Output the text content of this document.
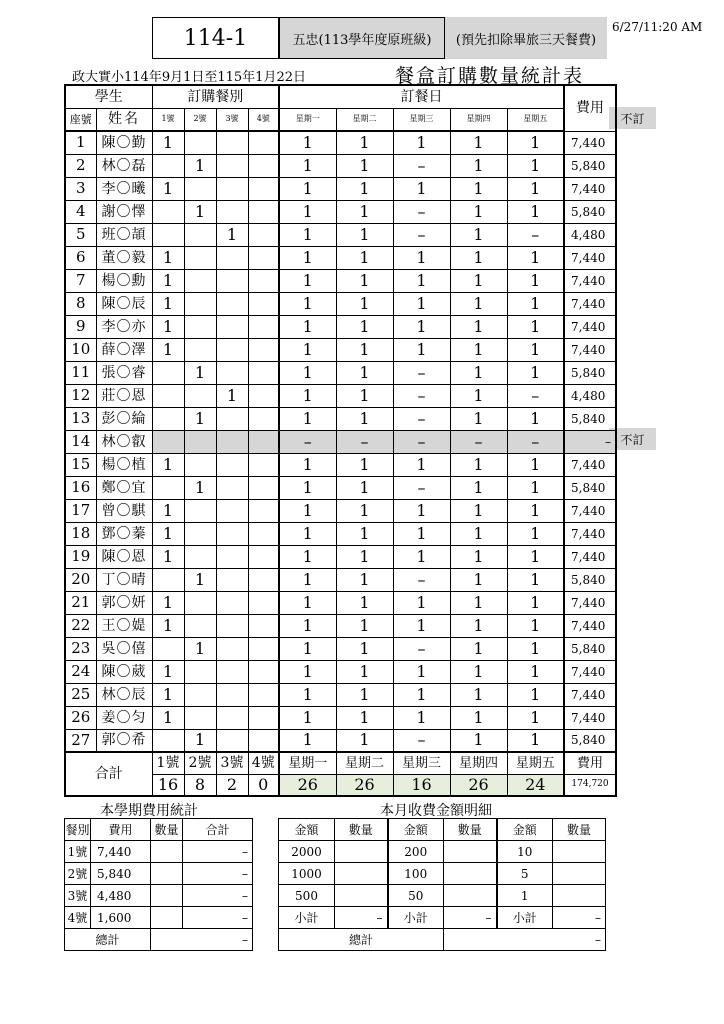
114-1	五忠(113學年度原班級)	(預先扣除畢旅三天餐費)
6/27/11:20 AM
政大實小114年9月1日至115年1月22日	餐盒訂購數量統計表
不訂
不訂
學生		訂購餐別				訂餐日					費用
座號	姓名	1號	2號	3號	4號	星期一	星期二	星期三	星期四	星期五	
1	陳〇勤	1				1	1	1	1	1	7,440
2	林〇磊		1			1	1	–	1	1	5,840
3	李〇曦	1				1	1	1	1	1	7,440
4	謝〇懌		1			1	1	–	1	1	5,840
5	班〇頡			1		1	1	–	1	–	4,480
6	董〇毅	1				1	1	1	1	1	7,440
7	楊〇勳	1				1	1	1	1	1	7,440
8	陳〇辰	1				1	1	1	1	1	7,440
9	李〇亦	1				1	1	1	1	1	7,440
10	薛〇澤	1				1	1	1	1	1	7,440
11	張〇睿		1			1	1	–	1	1	5,840
12	莊〇恩			1		1	1	–	1	–	4,480
13	彭〇綸		1			1	1	–	1	1	5,840
14	林〇叡					–	–	–	–	–	–
15	楊〇植	1				1	1	1	1	1	7,440
16	鄭〇宜		1			1	1	–	1	1	5,840
17	曾〇騏	1				1	1	1	1	1	7,440
18	鄧〇蓁	1				1	1	1	1	1	7,440
19	陳〇恩	1				1	1	1	1	1	7,440
20	丁〇晴		1			1	1	–	1	1	5,840
21	郭〇妍	1				1	1	1	1	1	7,440
22	王〇媞	1				1	1	1	1	1	7,440
23	吳〇僖		1			1	1	–	1	1	5,840
24	陳〇葳	1				1	1	1	1	1	7,440
25	林〇辰	1				1	1	1	1	1	7,440
26	姜〇匀	1				1	1	1	1	1	7,440
27	郭〇希		1			1	1	–	1	1	5,840
合計		1號	2號	3號	4號	星期一	星期二	星期三	星期四	星期五	費用
		16	8	2	0	26	26	16	26	24	174,720
本學期費用統計
餐別	費用	數量	合計
1號	7,440		–
2號	5,840		–
3號	4,480		–
4號	1,600		–
總計		–	
本月收費金額明細
金額	數量	金額	數量	金額	數量
2000		200		10	
1000		100		5	
500		50		1	
小計	–	小計	–	小計	–
總計			–		
